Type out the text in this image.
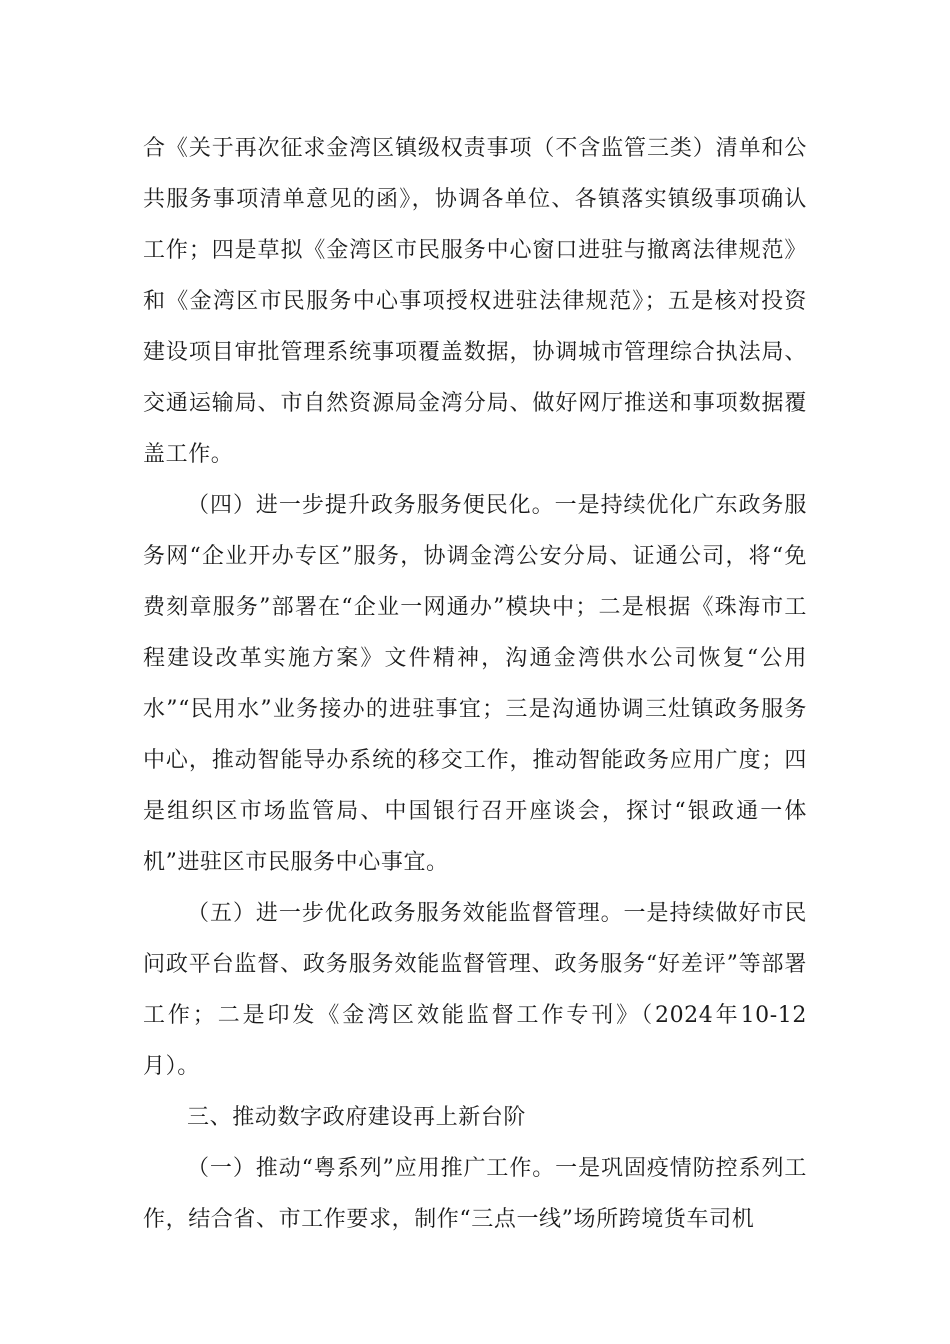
合《关于再次征求金湾区镇级权责事项（不含监管三类）清单和公共服务事项清单意见的函》，协调各单位、各镇落实镇级事项确认工作；四是草拟《金湾区市民服务中心窗口进驻与撤离法律规范》和《金湾区市民服务中心事项授权进驻法律规范》；五是核对投资建设项目审批管理系统事项覆盖数据，协调城市管理综合执法局、交通运输局、市自然资源局金湾分局、做好网厅推送和事项数据覆盖工作。

（四）进一步提升政务服务便民化。一是持续优化广东政务服务网“企业开办专区”服务，协调金湾公安分局、证通公司，将“免费刻章服务”部署在“企业一网通办”模块中；二是根据《珠海市工程建设改革实施方案》文件精神，沟通金湾供水公司恢复“公用水”“民用水”业务接办的进驻事宜；三是沟通协调三灶镇政务服务中心，推动智能导办系统的移交工作，推动智能政务应用广度；四是组织区市场监管局、中国银行召开座谈会，探讨“银政通一体机”进驻区市民服务中心事宜。

（五）进一步优化政务服务效能监督管理。一是持续做好市民问政平台监督、政务服务效能监督管理、政务服务“好差评”等部署工作；二是印发《金湾区效能监督工作专刊》（2024年10-12月）。

三、推动数字政府建设再上新台阶

（一）推动“粤系列”应用推广工作。一是巩固疫情防控系列工作，结合省、市工作要求，制作“三点一线”场所跨境货车司机
